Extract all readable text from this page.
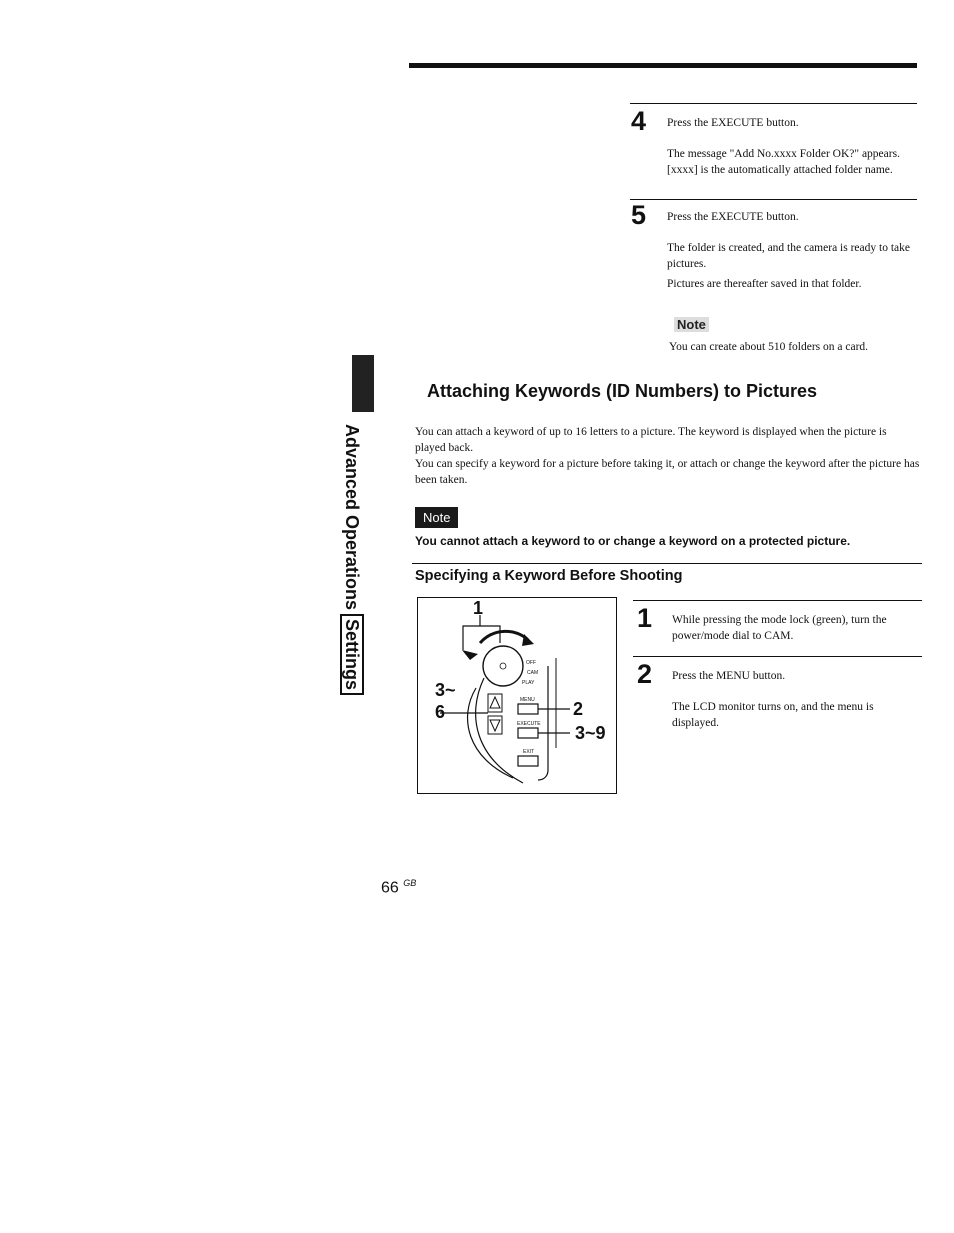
4 Press the EXECUTE button.
The message "Add No.xxxx Folder OK?" appears. [xxxx] is the automatically attached folder name.
5 Press the EXECUTE button.
The folder is created, and the camera is ready to take pictures.
Pictures are thereafter saved in that folder.
Note
You can create about 510 folders on a card.
Advanced OperationsSettings
Attaching Keywords (ID Numbers) to Pictures
You can attach a keyword of up to 16 letters to a picture. The keyword is displayed when the picture is played back.
You can specify a keyword for a picture before taking it, or attach or change the keyword after the picture has been taken.
Note
You cannot attach a keyword to or change a keyword on a protected picture.
Specifying a Keyword Before Shooting
1
3~
6	2
3~9
OFF
CAM
PLAY
MENU
EXECUTE
EXIT
1 While pressing the mode lock (green), turn the power/mode dial to CAM.
2 Press the MENU button.
The LCD monitor turns on, and the menu is displayed.
66 $^{GB}$
